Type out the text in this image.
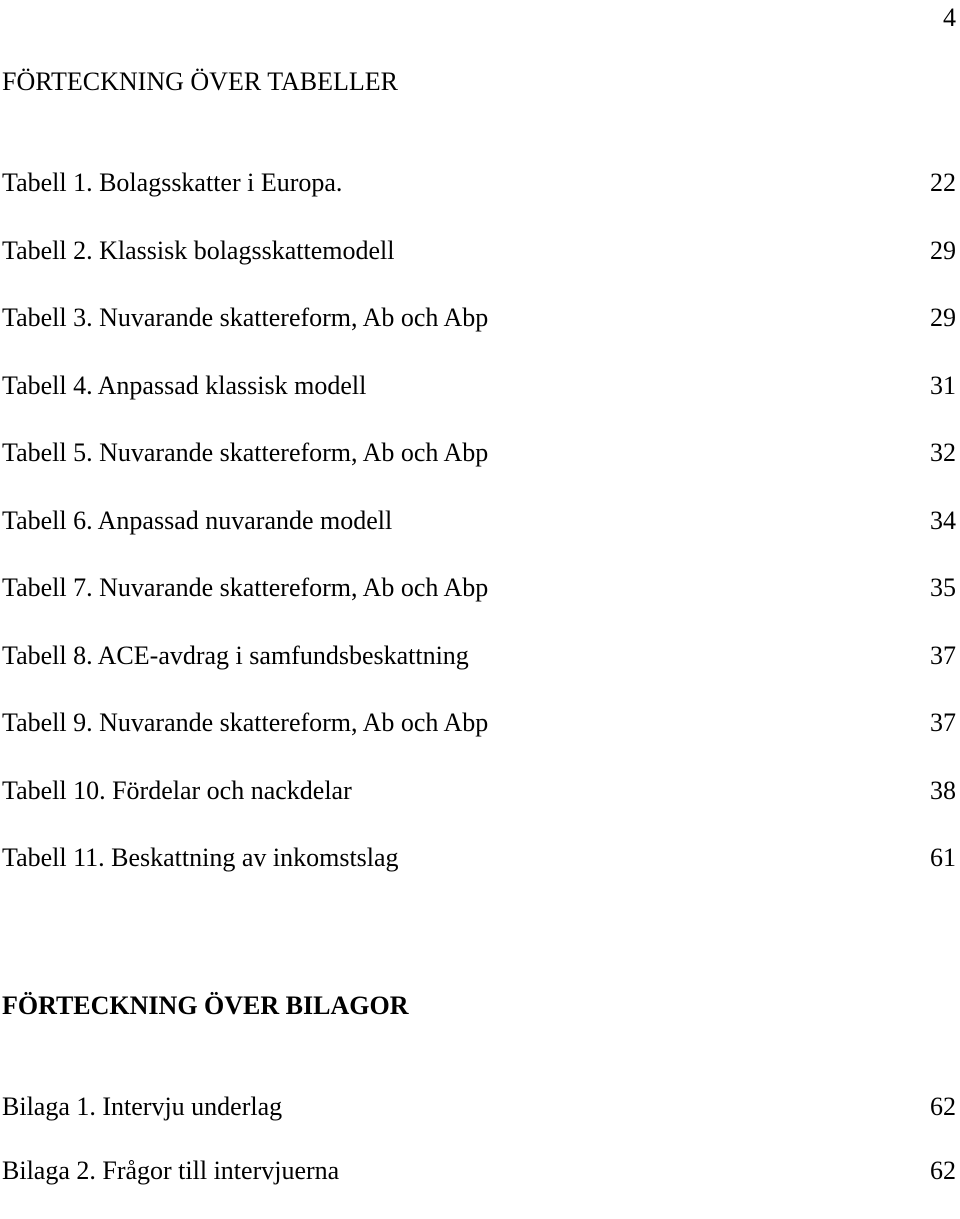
4
FÖRTECKNING ÖVER TABELLER
Tabell 1. Bolagsskatter i Europa.	22
Tabell 2. Klassisk bolagsskattemodell	29
Tabell 3. Nuvarande skattereform, Ab och Abp	29
Tabell 4. Anpassad klassisk modell	31
Tabell 5. Nuvarande skattereform, Ab och Abp	32
Tabell 6. Anpassad nuvarande modell	34
Tabell 7. Nuvarande skattereform, Ab och Abp	35
Tabell 8. ACE-avdrag i samfundsbeskattning	37
Tabell 9. Nuvarande skattereform, Ab och Abp	37
Tabell 10. Fördelar och nackdelar	38
Tabell 11. Beskattning av inkomstslag	61
FÖRTECKNING ÖVER BILAGOR
Bilaga 1. Intervju underlag	62
Bilaga 2. Frågor till intervjuerna	62
